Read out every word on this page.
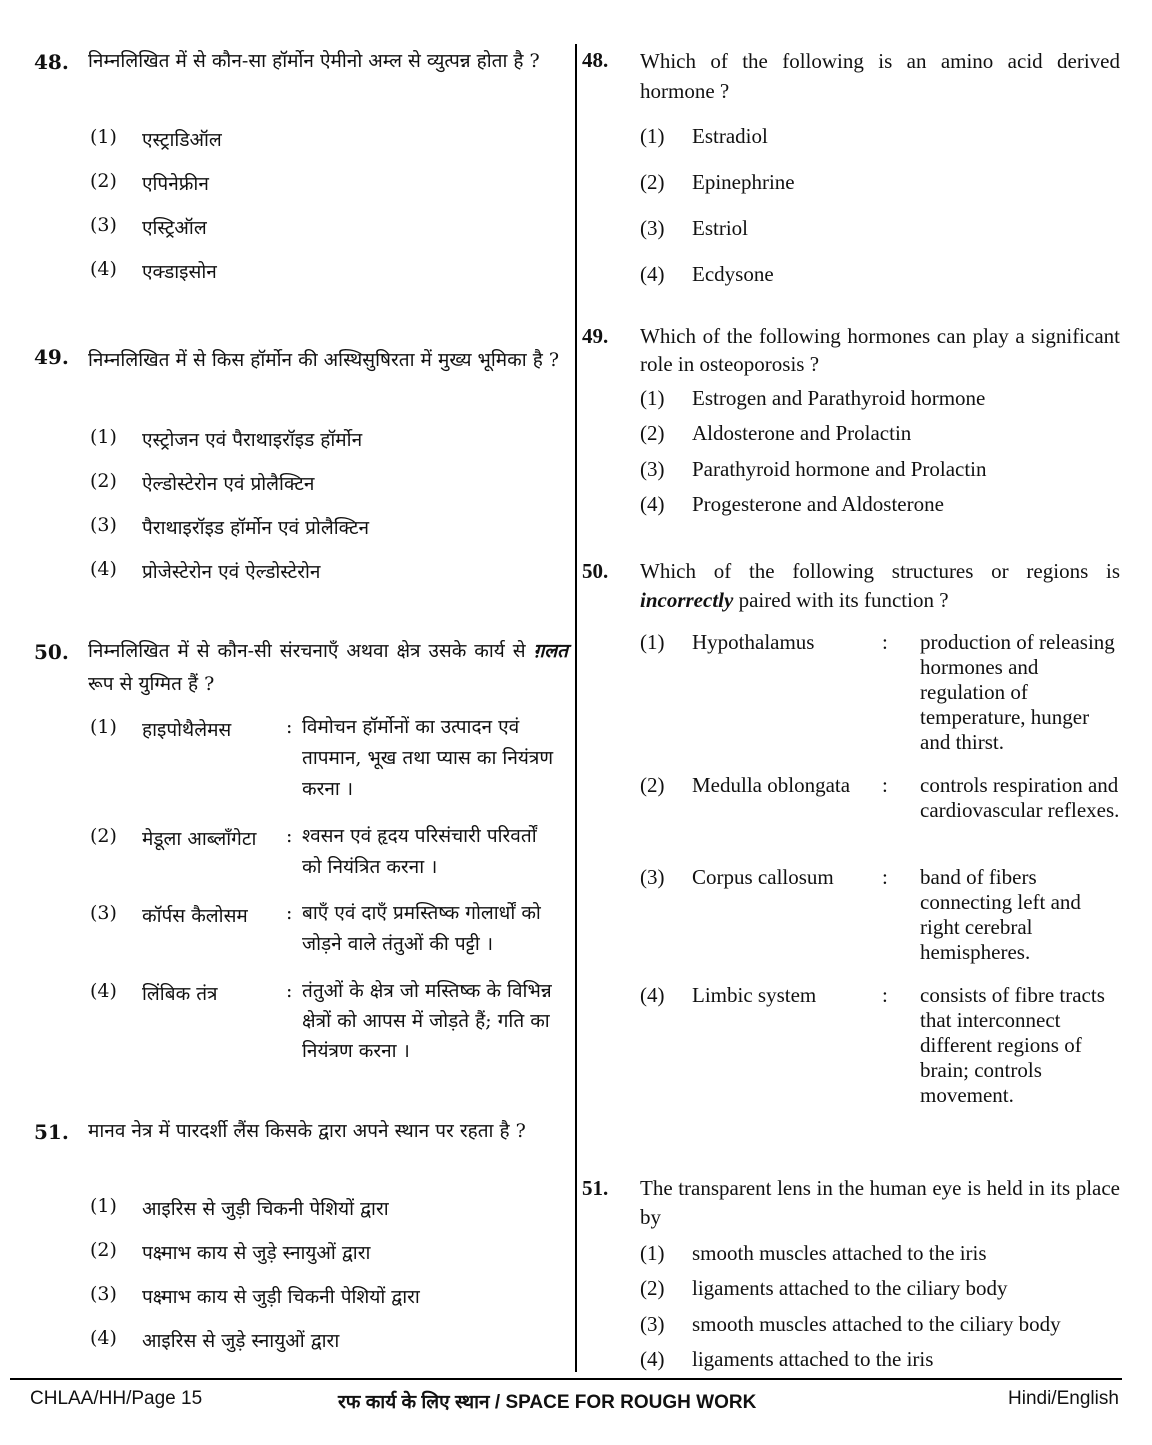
48. निम्नलिखित में से कौन-सा हॉर्मोन ऐमीनो अम्ल से व्युत्पन्न होता है ?
(1) एस्ट्राडिऑल
(2) एपिनेफ्रीन
(3) एस्ट्रिऑल
(4) एक्डाइसोन
49. निम्नलिखित में से किस हॉर्मोन की अस्थिसुषिरता में मुख्य भूमिका है ?
(1) एस्ट्रोजन एवं पैराथाइरॉइड हॉर्मोन
(2) ऐल्डोस्टेरोन एवं प्रोलैक्टिन
(3) पैराथाइरॉइड हॉर्मोन एवं प्रोलैक्टिन
(4) प्रोजेस्टेरोन एवं ऐल्डोस्टेरोन
50. निम्नलिखित में से कौन-सी संरचनाएँ अथवा क्षेत्र उसके कार्य से ग़लत रूप से युग्मित हैं ?
(1) हाइपोथैलेमस	: विमोचन हॉर्मोनों का उत्पादन एवं तापमान, भूख तथा प्यास का नियंत्रण करना ।
(2) मेडूला आब्लाँगेटा : श्वसन एवं हृदय परिसंचारी परिवर्तों को नियंत्रित करना ।
(3) कॉर्पस कैलोसम : बाएँ एवं दाएँ प्रमस्तिष्क गोलार्धों को जोड़ने वाले तंतुओं की पट्टी ।
(4) लिंबिक तंत्र	: तंतुओं के क्षेत्र जो मस्तिष्क के विभिन्न क्षेत्रों को आपस में जोड़ते हैं; गति का नियंत्रण करना ।
51. मानव नेत्र में पारदर्शी लैंस किसके द्वारा अपने स्थान पर रहता है ?
(1) आइरिस से जुड़ी चिकनी पेशियों द्वारा
(2) पक्ष्माभ काय से जुड़े स्नायुओं द्वारा
(3) पक्ष्माभ काय से जुड़ी चिकनी पेशियों द्वारा
(4) आइरिस से जुड़े स्नायुओं द्वारा
48. Which of the following is an amino acid derived hormone ?
(1) Estradiol
(2) Epinephrine
(3) Estriol
(4) Ecdysone
49. Which of the following hormones can play a significant role in osteoporosis ?
(1) Estrogen and Parathyroid hormone
(2) Aldosterone and Prolactin
(3) Parathyroid hormone and Prolactin
(4) Progesterone and Aldosterone
50. Which of the following structures or regions is incorrectly paired with its function ?
(1) Hypothalamus	: production of releasing hormones and regulation of temperature, hunger and thirst.
(2) Medulla oblongata : controls respiration and cardiovascular reflexes.
(3) Corpus callosum : band of fibers connecting left and right cerebral hemispheres.
(4) Limbic system	: consists of fibre tracts that interconnect different regions of brain; controls movement.
51. The transparent lens in the human eye is held in its place by
(1) smooth muscles attached to the iris
(2) ligaments attached to the ciliary body
(3) smooth muscles attached to the ciliary body
(4) ligaments attached to the iris
CHLAA/HH/Page 15	रफ कार्य के लिए स्थान / SPACE FOR ROUGH WORK	Hindi/English
